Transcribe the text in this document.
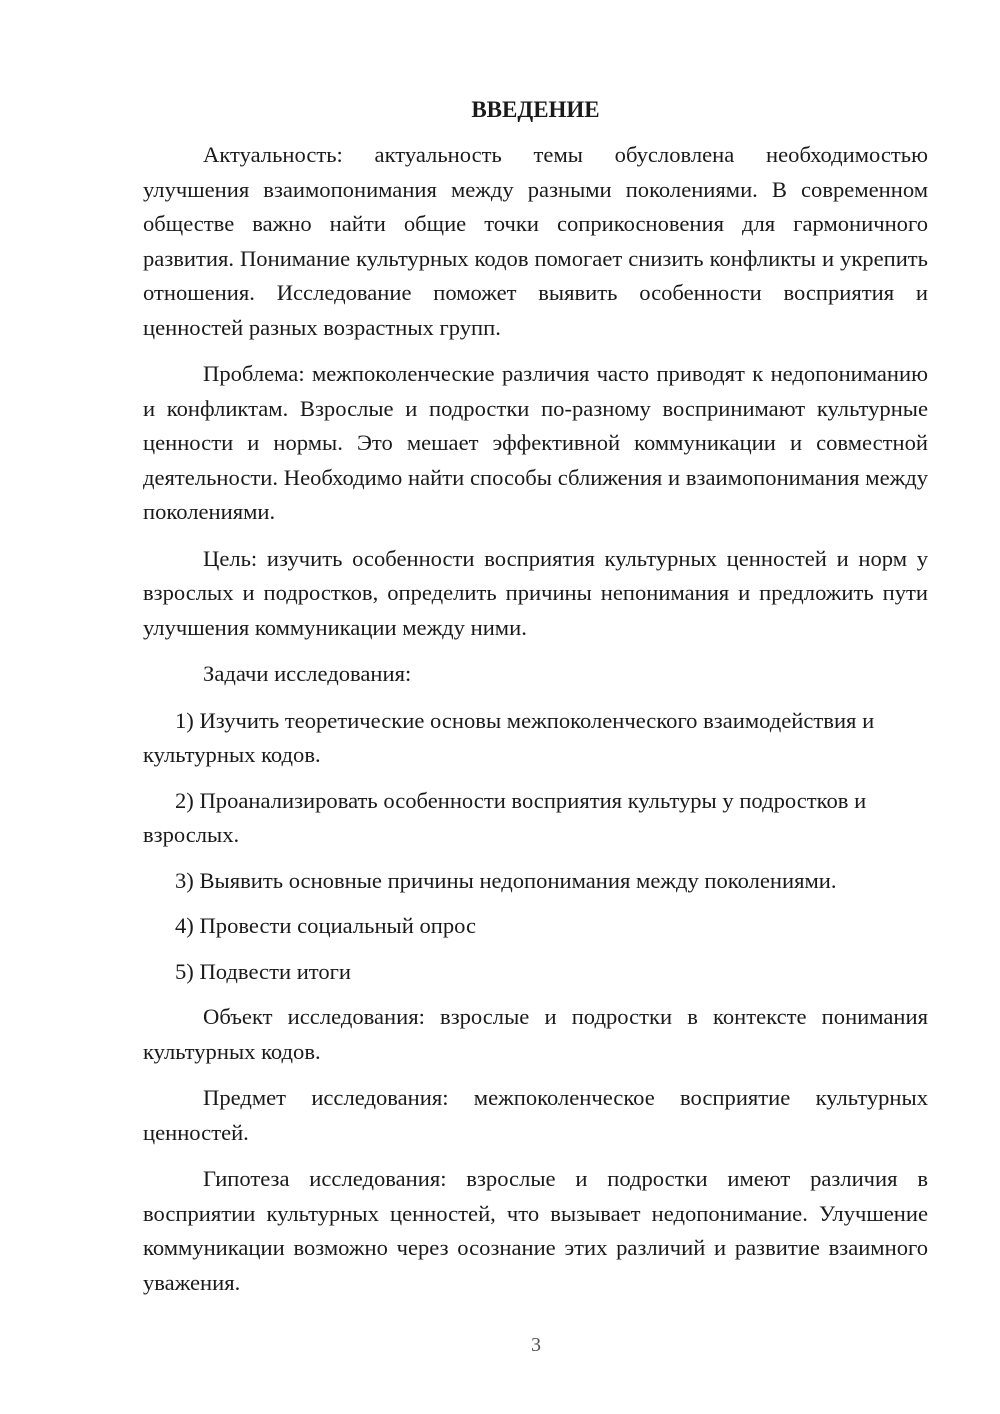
ВВЕДЕНИЕ

Актуальность: актуальность темы обусловлена необходимостью улучшения взаимопонимания между разными поколениями. В современном обществе важно найти общие точки соприкосновения для гармоничного развития. Понимание культурных кодов помогает снизить конфликты и укрепить отношения. Исследование поможет выявить особенности восприятия и ценностей разных возрастных групп.

Проблема: межпоколенческие различия часто приводят к недопониманию и конфликтам. Взрослые и подростки по-разному воспринимают культурные ценности и нормы. Это мешает эффективной коммуникации и совместной деятельности. Необходимо найти способы сближения и взаимопонимания между поколениями.

Цель: изучить особенности восприятия культурных ценностей и норм у взрослых и подростков, определить причины непонимания и предложить пути улучшения коммуникации между ними.

Задачи исследования:

1) Изучить теоретические основы межпоколенческого взаимодействия и культурных кодов.

2) Проанализировать особенности восприятия культуры у подростков и взрослых.

3) Выявить основные причины недопонимания между поколениями.

4) Провести социальный опрос

5) Подвести итоги

Объект исследования: взрослые и подростки в контексте понимания культурных кодов.

Предмет исследования: межпоколенческое восприятие культурных ценностей.

Гипотеза исследования: взрослые и подростки имеют различия в восприятии культурных ценностей, что вызывает недопонимание. Улучшение коммуникации возможно через осознание этих различий и развитие взаимного уважения.

3
